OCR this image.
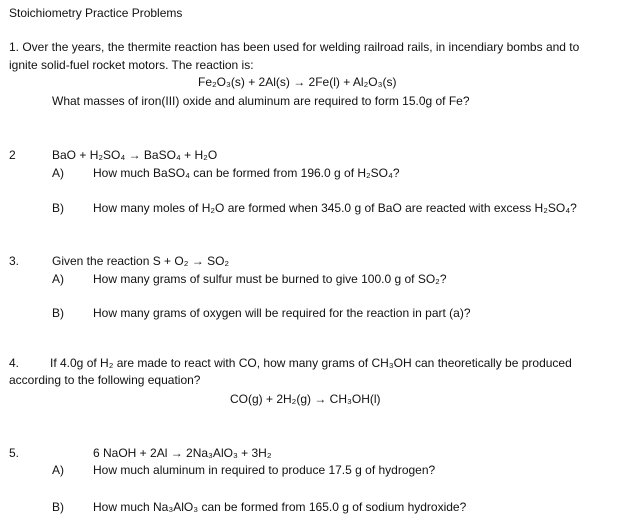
Stoichiometry Practice Problems
1. Over the years, the thermite reaction has been used for welding railroad rails, in incendiary bombs and to
ignite solid-fuel rocket motors. The reaction is:
Fe₂O₃(s) + 2Al(s) → 2Fe(l) + Al₂O₃(s)
What masses of iron(III) oxide and aluminum are required to form 15.0g of Fe?
2	BaO + H₂SO₄ → BaSO₄ + H₂O
A) How much BaSO₄ can be formed from 196.0 g of H₂SO₄?
B) How many moles of H₂O are formed when 345.0 g of BaO are reacted with excess H₂SO₄?
3.	Given the reaction S + O₂ → SO₂
A) How many grams of sulfur must be burned to give 100.0 g of SO₂?
B) How many grams of oxygen will be required for the reaction in part (a)?
4.	If 4.0g of H₂ are made to react with CO, how many grams of CH₃OH can theoretically be produced
according to the following equation?
CO(g) + 2H₂(g) → CH₃OH(l)
5.	6 NaOH + 2Al → 2Na₃AlO₃ + 3H₂
A) How much aluminum in required to produce 17.5 g of hydrogen?
B) How much Na₃AlO₃ can be formed from 165.0 g of sodium hydroxide?
